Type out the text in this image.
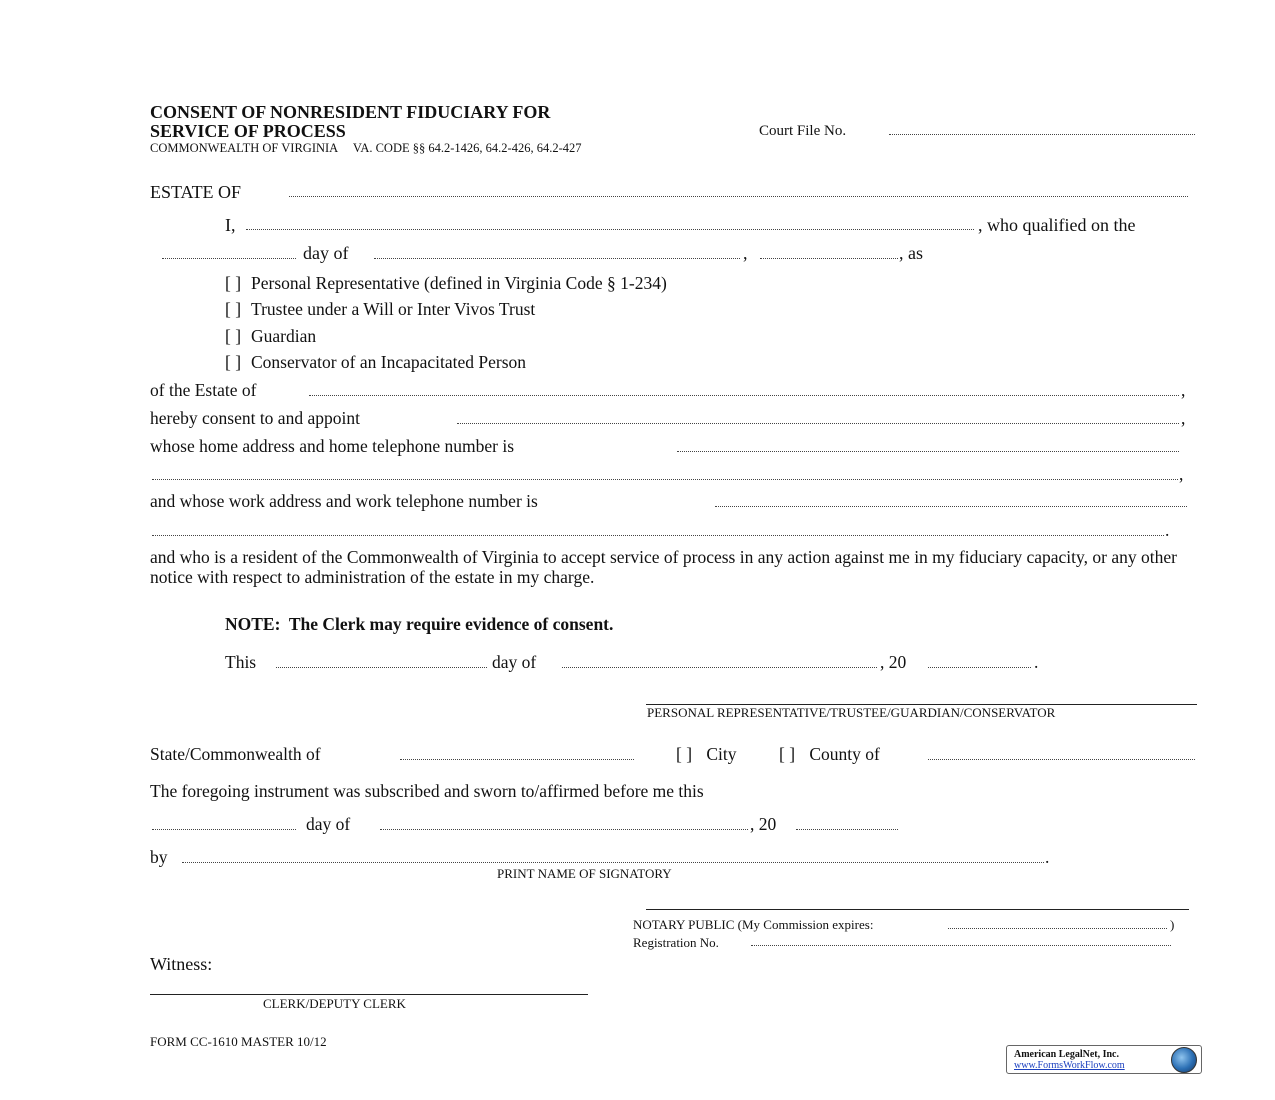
CONSENT OF NONRESIDENT FIDUCIARY FOR
SERVICE OF PROCESS
COMMONWEALTH OF VIRGINIA     VA. CODE §§ 64.2-1426, 64.2-426, 64.2-427
Court File No.
ESTATE OF
I,	, who qualified on the
day of	,	, as
[ ] Personal Representative (defined in Virginia Code § 1-234)
[ ] Trustee under a Will or Inter Vivos Trust
[ ] Guardian
[ ] Conservator of an Incapacitated Person
of the Estate of	,
hereby consent to and appoint	,
whose home address and home telephone number is
,
and whose work address and work telephone number is
.
and who is a resident of the Commonwealth of Virginia to accept service of process in any action against me in my fiduciary capacity, or any other notice with respect to administration of the estate in my charge.
NOTE:  The Clerk may require evidence of consent.
This	day of	, 20	.
PERSONAL REPRESENTATIVE/TRUSTEE/GUARDIAN/CONSERVATOR
State/Commonwealth of	[ ] City [ ] County of
The foregoing instrument was subscribed and sworn to/affirmed before me this
day of	, 20
by	.
PRINT NAME OF SIGNATORY
NOTARY PUBLIC (My Commission expires:	)
Registration No.
Witness:
CLERK/DEPUTY CLERK
FORM CC-1610 MASTER 10/12
American LegalNet, Inc.
www.FormsWorkFlow.com
